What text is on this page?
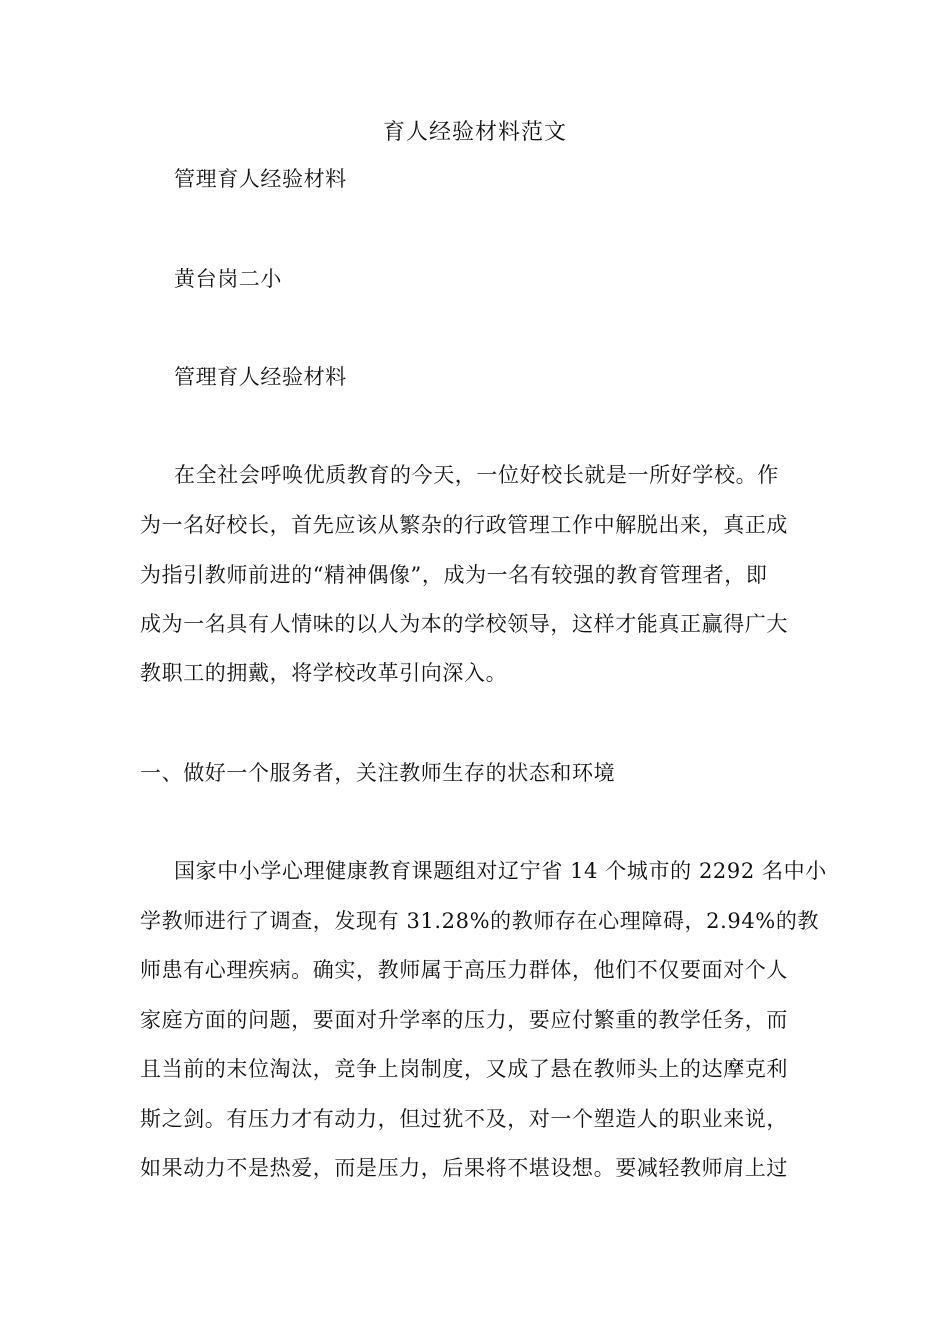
育人经验材料范文
管理育人经验材料
黄台岗二小
管理育人经验材料
在全社会呼唤优质教育的今天，一位好校长就是一所好学校。作
为一名好校长，首先应该从繁杂的行政管理工作中解脱出来，真正成
为指引教师前进的“精神偶像”，成为一名有较强的教育管理者，即
成为一名具有人情味的以人为本的学校领导，这样才能真正赢得广大
教职工的拥戴，将学校改革引向深入。
一、做好一个服务者，关注教师生存的状态和环境
国家中小学心理健康教育课题组对辽宁省 14 个城市的 2292 名中小
学教师进行了调查，发现有 31.28%的教师存在心理障碍，2.94%的教
师患有心理疾病。确实，教师属于高压力群体，他们不仅要面对个人
家庭方面的问题，要面对升学率的压力，要应付繁重的教学任务，而
且当前的末位淘汰，竞争上岗制度，又成了悬在教师头上的达摩克利
斯之剑。有压力才有动力，但过犹不及，对一个塑造人的职业来说，
如果动力不是热爱，而是压力，后果将不堪设想。要减轻教师肩上过
